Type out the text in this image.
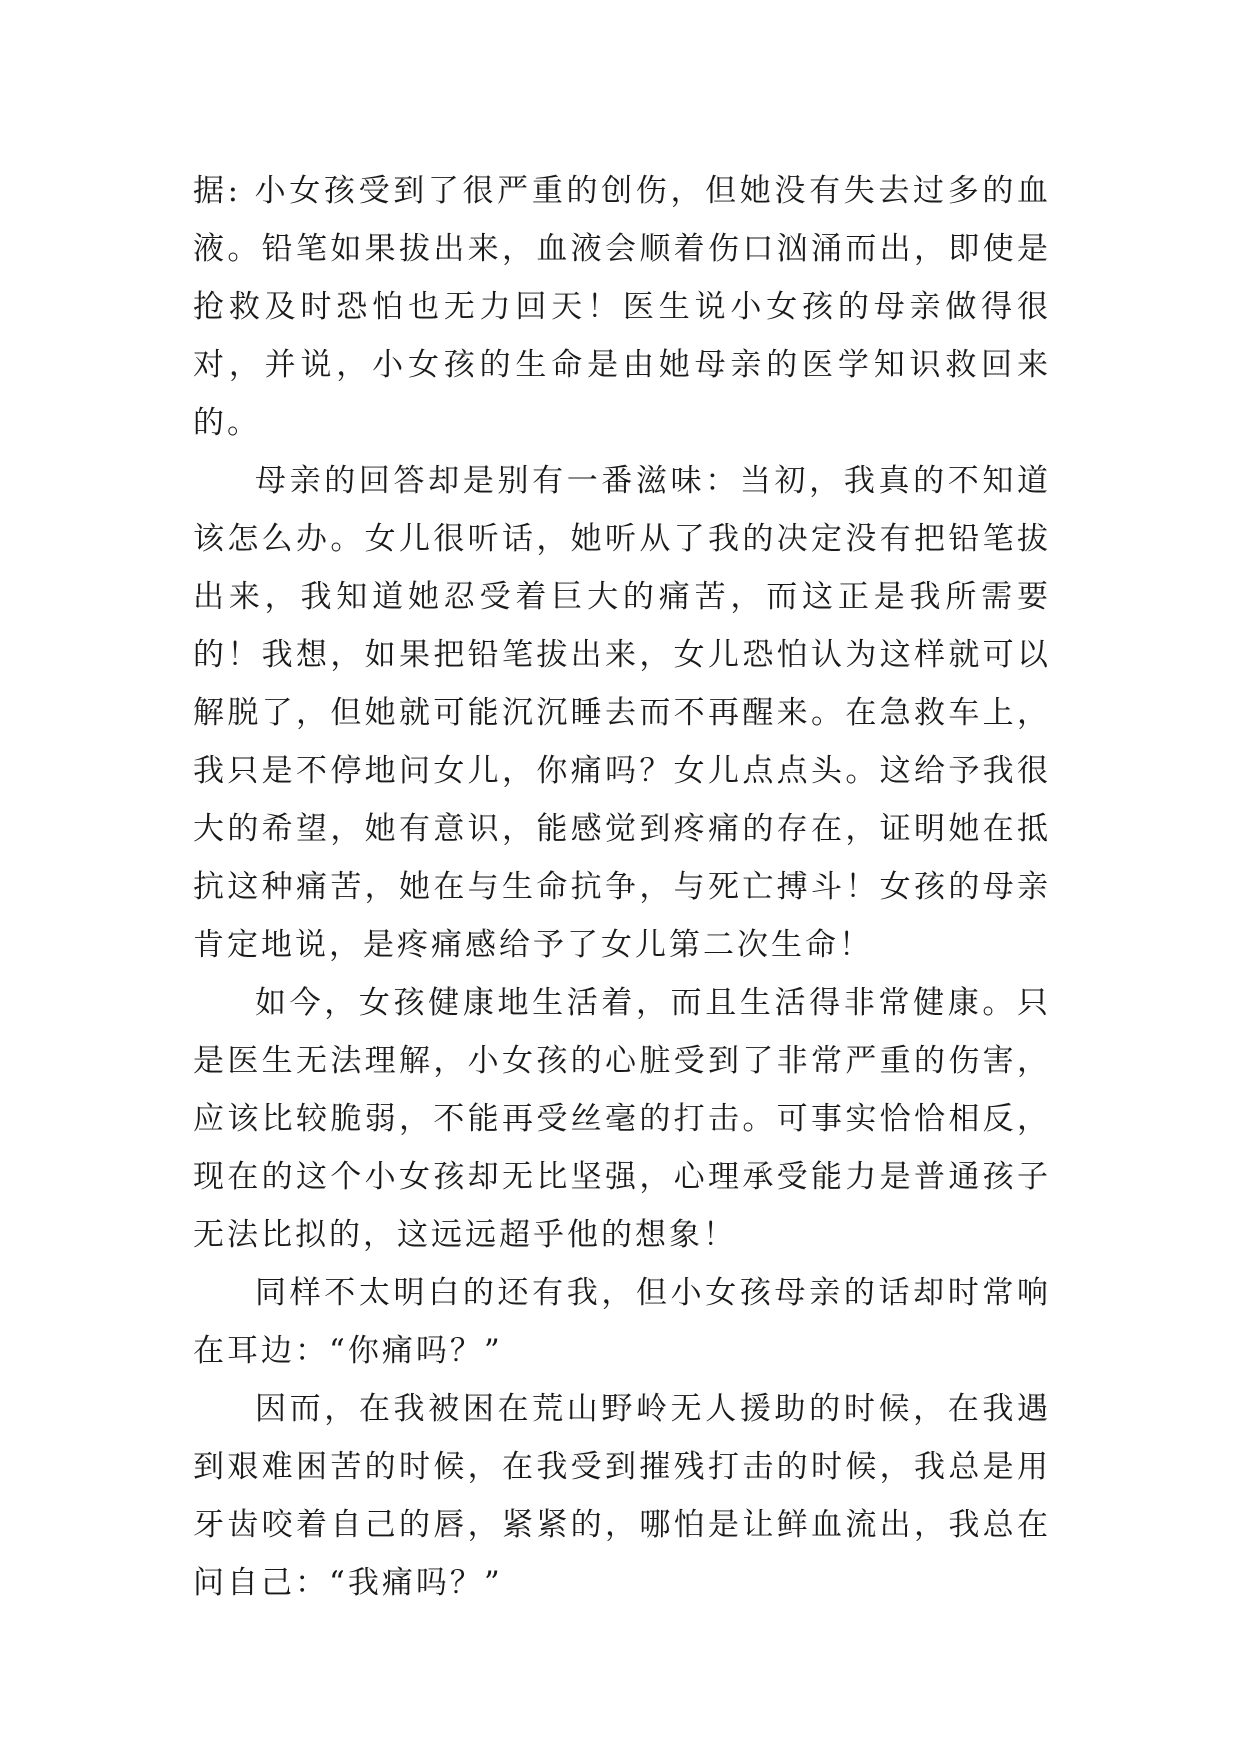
据: 小女孩受到了很严重的创伤，但她没有失去过多的血液。铅笔如果拔出来，血液会顺着伤口汹涌而出，即使是抢救及时恐怕也无力回天！医生说小女孩的母亲做得很对，并说，小女孩的生命是由她母亲的医学知识救回来的。

母亲的回答却是别有一番滋味：当初，我真的不知道该怎么办。女儿很听话，她听从了我的决定没有把铅笔拔出来，我知道她忍受着巨大的痛苦，而这正是我所需要的！我想，如果把铅笔拔出来，女儿恐怕认为这样就可以解脱了，但她就可能沉沉睡去而不再醒来。在急救车上，我只是不停地问女儿，你痛吗？女儿点点头。这给予我很大的希望，她有意识，能感觉到疼痛的存在，证明她在抵抗这种痛苦，她在与生命抗争，与死亡搏斗！女孩的母亲肯定地说，是疼痛感给予了女儿第二次生命！

如今，女孩健康地生活着，而且生活得非常健康。只是医生无法理解，小女孩的心脏受到了非常严重的伤害，应该比较脆弱，不能再受丝毫的打击。可事实恰恰相反，现在的这个小女孩却无比坚强，心理承受能力是普通孩子无法比拟的，这远远超乎他的想象！

同样不太明白的还有我，但小女孩母亲的话却时常响在耳边：“你痛吗？”

因而，在我被困在荒山野岭无人援助的时候，在我遇到艰难困苦的时候，在我受到摧残打击的时候，我总是用牙齿咬着自己的唇，紧紧的，哪怕是让鲜血流出，我总在问自己：“我痛吗？”
